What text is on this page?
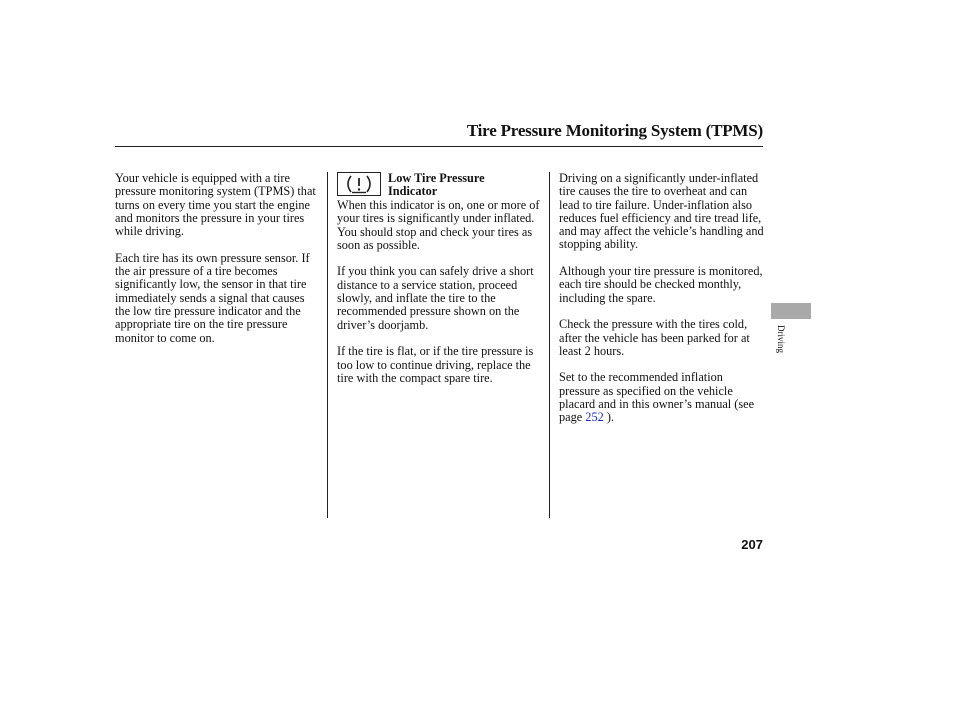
Tire Pressure Monitoring System (TPMS)

Your vehicle is equipped with a tire pressure monitoring system (TPMS) that turns on every time you start the engine and monitors the pressure in your tires while driving.

Each tire has its own pressure sensor. If the air pressure of a tire becomes significantly low, the sensor in that tire immediately sends a signal that causes the low tire pressure indicator and the appropriate tire on the tire pressure monitor to come on.

Low Tire Pressure
Indicator

When this indicator is on, one or more of your tires is significantly under inflated. You should stop and check your tires as soon as possible.

If you think you can safely drive a short distance to a service station, proceed slowly, and inflate the tire to the recommended pressure shown on the driver’s doorjamb.

If the tire is flat, or if the tire pressure is too low to continue driving, replace the tire with the compact spare tire.

Driving on a significantly under-inflated tire causes the tire to overheat and can lead to tire failure. Under-inflation also reduces fuel efficiency and tire tread life, and may affect the vehicle’s handling and stopping ability.

Although your tire pressure is monitored, each tire should be checked monthly, including the spare.

Check the pressure with the tires cold, after the vehicle has been parked for at least 2 hours.

Set to the recommended inflation pressure as specified on the vehicle placard and in this owner’s manual (see page 252 ).

Driving
207
